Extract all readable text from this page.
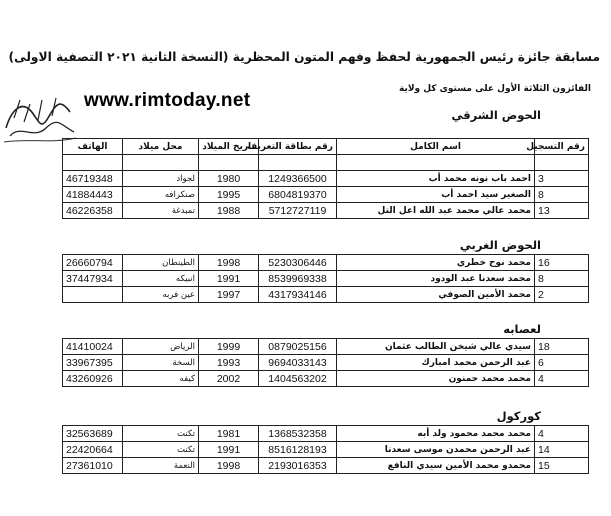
مسابقة جائزة رئيس الجمهورية لحفظ وفهم المتون المحظرية (النسخة الثانية ٢٠٢١ التصفية الاولى)
الفائزون الثلاثة الأول على مستوى كل ولاية
www.rimtoday.net
الحوض الشرقي
رقم التسجيل	اسم الكامل	رقم بطاقة التعريف	تاريخ الميلاد	محل ميلاد	الهاتف

3	احمد باب نونه محمد أب	1249366500	1980	لجواد	46719348
8	الصغير سيد احمد أب	6804819370	1995	صنكرافه	41884443
13	محمد عالي محمد عبد الله اعل التل	5712727119	1988	تمبدغة	46226358
الحوض الغربي
16	محمد نوح خطري	5230306446	1998	الطينطان	26660794
8	محمد سعدنا عبد الودود	8539969338	1991	انبيكه	37447934
2	محمد الأمين الصوفي	4317934146	1997	عين فربه	
لعصابه
18	سيدي عالي شيخن الطالب عثمان	0879025156	1999	الرياض	41410024
6	عبد الرحمن محمد امبارك	9694033143	1993	السخة	33967395
4	محمد محمد حمنون	1404563202	2002	كيفه	43260926
كوركول
4	محمد محمد محمود ولد أبه	1368532358	1981	تكنت	32563689
14	عبد الرحمن محمدن موسى سعدنا	8516128193	1991	تكنت	22420664
15	محمدو محمد الأمين سيدي النافع	2193016353	1998	النعمة	27361010
